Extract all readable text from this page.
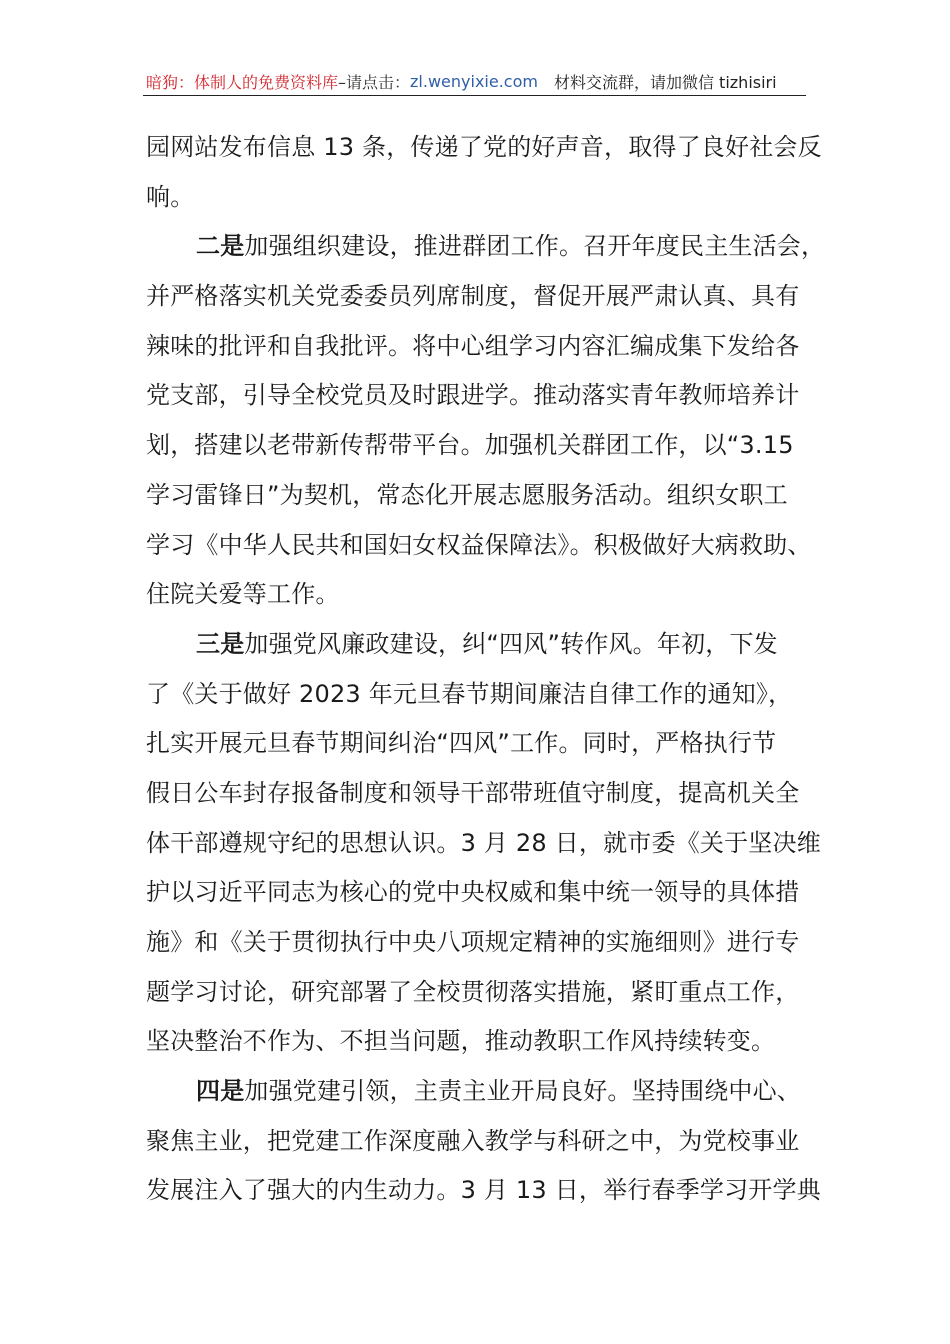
暗狗：体制人的免费资料库–请点击：zl.wenyixie.com 材料交流群，请加微信 tizhisiri
园网站发布信息 13 条，传递了党的好声音，取得了良好社会反
响。
二是加强组织建设，推进群团工作。召开年度民主生活会，
并严格落实机关党委委员列席制度，督促开展严肃认真、具有
辣味的批评和自我批评。将中心组学习内容汇编成集下发给各
党支部，引导全校党员及时跟进学。推动落实青年教师培养计
划，搭建以老带新传帮带平台。加强机关群团工作，以“3.15
学习雷锋日”为契机，常态化开展志愿服务活动。组织女职工
学习《中华人民共和国妇女权益保障法》。积极做好大病救助、
住院关爱等工作。
三是加强党风廉政建设，纠“四风”转作风。年初，下发
了《关于做好 2023 年元旦春节期间廉洁自律工作的通知》，
扎实开展元旦春节期间纠治“四风”工作。同时，严格执行节
假日公车封存报备制度和领导干部带班值守制度，提高机关全
体干部遵规守纪的思想认识。3 月 28 日，就市委《关于坚决维
护以习近平同志为核心的党中央权威和集中统一领导的具体措
施》和《关于贯彻执行中央八项规定精神的实施细则》进行专
题学习讨论，研究部署了全校贯彻落实措施，紧盯重点工作，
坚决整治不作为、不担当问题，推动教职工作风持续转变。
四是加强党建引领，主责主业开局良好。坚持围绕中心、
聚焦主业，把党建工作深度融入教学与科研之中，为党校事业
发展注入了强大的内生动力。3 月 13 日，举行春季学习开学典
